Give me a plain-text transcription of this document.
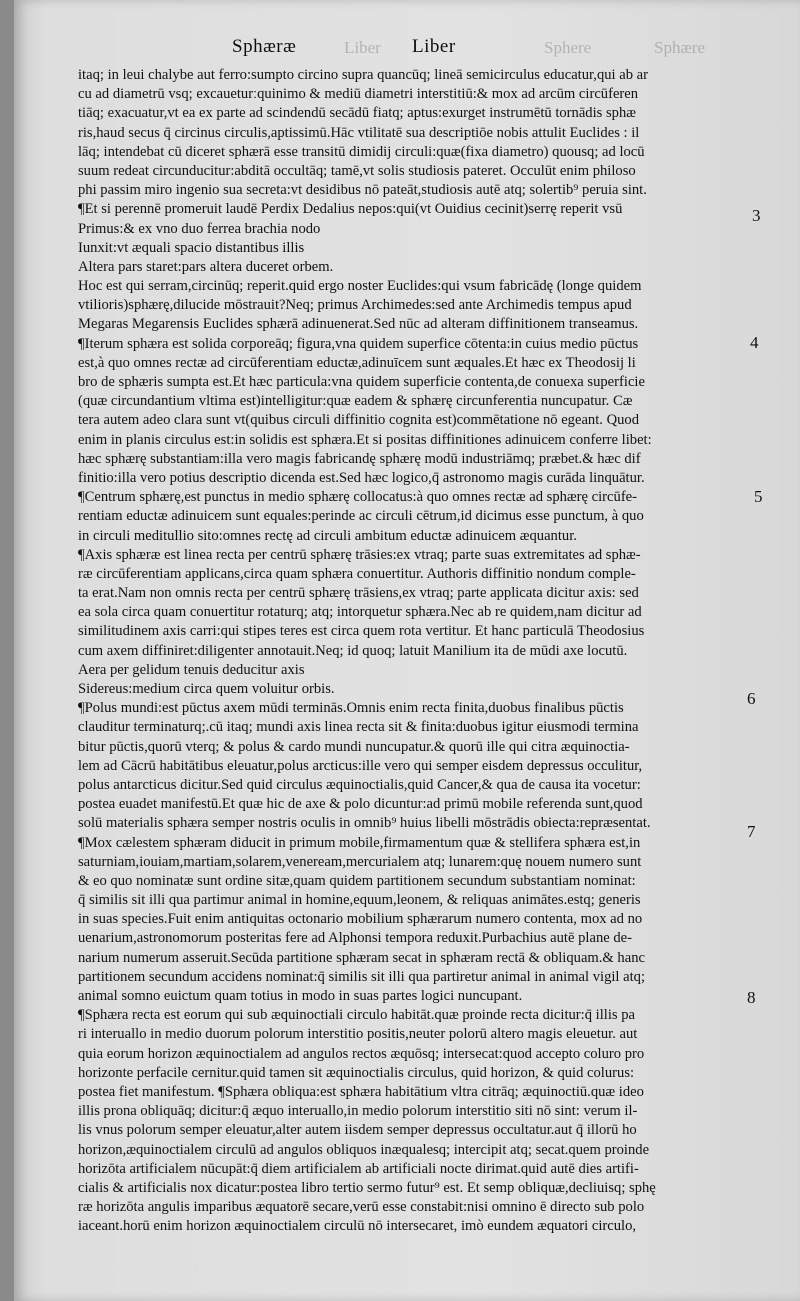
Sphæræ	Liber
Liber	Sphere	Sphære
itaq; in leui chalybe aut ferro:sumpto circino supra quancūq; lineā semicirculus educatur,qui ab ar
cu ad diametrū vsq; excaueturːquinimo & mediū diametri interstitiū:& mox ad arcūm circūferen
tiāq; exacuatur,vt ea ex parte ad scindendū secādū fiatq; aptus:exurget instrumētū tornādis sphæ
ris,haud secus q̄ circinus circulis,aptissimū.Hāc vtilitatē sua descriptiōe nobis attulit Euclides : il
lāq; intendebat cū diceret sphærā esse transitū dimidij circuli:quæ(fixa diametro) quousq; ad locū
suum redeat circunducitur:abditā occultāq; tamē,vt solis studiosis pateret. Occulūt enim philoso
phi passim miro ingenio sua secreta:vt desidibus nō pateāt,studiosis autē atq; solertib⁹ peruia sint.
¶Et si perennē promeruit laudē Perdix Dedalius nepos:qui(vt Ouidius cecinit)serrę reperit vsū
Primus:& ex vno duo ferrea brachia nodo
Iunxit:vt æquali spacio distantibus illis
Altera pars staret:pars altera duceret orbem.
Hoc est qui serram,circinūq; reperit.quid ergo noster Euclides:qui vsum fabricādę (longe quidem
vtilioris)sphærę,dilucide mōstrauit?Neq; primus Archimedes:sed ante Archimedis tempus apud
Megaras Megarensis Euclides sphærā adinuenerat.Sed nūc ad alteram diffinitionem transeamus.
¶Iterum sphæra est solida corporeāq; figura,vna quidem superfice cōtenta:in cuius medio pūctus
est,à quo omnes rectæ ad circūferentiam eductæ,adinuīcem sunt æquales.Et hæc ex Theodosij li
bro de sphæris sumpta est.Et hæc particula:vna quidem superficie contenta,de conuexa superficie
(quæ circundantium vltima est)intelligitur:quæ eadem & sphærę circunferentia nuncupatur. Cæ
tera autem adeo clara sunt vt(quibus circuli diffinitio cognita est)commētatione nō egeant. Quod
enim in planis circulus est:in solidis est sphæra.Et si positas diffinitiones adinuicem conferre libet:
hæc sphærę substantiam:illa vero magis fabricandę sphærę modū industriāmq; præbet.& hæc dif
finitio:illa vero potius descriptio dicenda est.Sed hæc logico,q̄ astronomo magis curāda linquātur.
¶Centrum sphærę,est punctus in medio sphærę collocatus:à quo omnes rectæ ad sphærę circūfe-
rentiam eductæ adinuicem sunt equales:perinde ac circuli cētrum,id dicimus esse punctum, à quo
in circuli meditullio sito:omnes rectę ad circuli ambitum eductæ adinuicem æquantur.
¶Axis sphæræ est linea recta per centrū sphærę trāsies:ex vtraq; parte suas extremitates ad sphæ-
ræ circūferentiam applicans,circa quam sphæra conuertitur. Authoris diffinitio nondum comple-
ta erat.Nam non omnis recta per centrū sphærę trāsiens,ex vtraq; parte applicata dicitur axis: sed
ea sola circa quam conuertitur rotaturq; atq; intorquetur sphæra.Nec ab re quidem,nam dicitur ad
similitudinem axis carri:qui stipes teres est circa quem rota vertitur. Et hanc particulā Theodosius
cum axem diffiniret:diligenter annotauit.Neq; id quoq; latuit Manilium ita de mūdi axe locutū.
Aera per gelidum tenuis deducitur axis
Sidereus:medium circa quem voluitur orbis.
¶Polus mundi:est pūctus axem mūdi terminās.Omnis enim recta finita,duobus finalibus pūctis
clauditur terminaturq;.cū itaq; mundi axis linea recta sit & finita:duobus igitur eiusmodi termina
bitur pūctis,quorū vterq; & polus & cardo mundi nuncupatur.& quorū ille qui citra æquinoctia-
lem ad Cācrū habitātibus eleuatur,polus arcticus:ille vero qui semper eisdem depressus occulitur,
polus antarcticus dicitur.Sed quid circulus æquinoctialis,quid Cancer,& qua de causa ita vocetur:
postea euadet manifestū.Et quæ hic de axe & polo dicuntur:ad primū mobile referenda sunt,quod
solū materialis sphæra semper nostris oculis in omnib⁹ huius libelli mōstrādis obiecta:repræsentat.
¶Mox cælestem sphæram diducit in primum mobile,firmamentum quæ & stellifera sphæra est,in
saturniam,iouiam,martiam,solarem,veneream,mercurialem atq; lunarem:quę nouem numero sunt
& eo quo nominatæ sunt ordine sitæ,quam quidem partitionem secundum substantiam nominat:
q̄ similis sit illi qua partimur animal in homine,equum,leonem, & reliquas animātes.estq; generis
in suas species.Fuit enim antiquitas octonario mobilium sphærarum numero contenta, mox ad no
uenarium,astronomorum posteritas fere ad Alphonsi tempora reduxit.Purbachius autē plane de-
narium numerum asseruit.Secūda partitione sphæram secat in sphæram rectā & obliquam.& hanc
partitionem secundum accidens nominat:q̄ similis sit illi qua partiretur animal in animal vigil atq;
animal somno euictum quam totius in modo in suas partes logici nuncupant.
¶Sphæra recta est eorum qui sub æquinoctiali circulo habitāt.quæ proinde recta dicitur:q̄ illis pa
ri interuallo in medio duorum polorum interstitio positis,neuter polorū altero magis eleuetur. aut
quia eorum horizon æquinoctialem ad angulos rectos æquōsq; intersecat:quod accepto coluro pro
horizonte perfacile cernitur.quid tamen sit æquinoctialis circulus, quid horizon, & quid colurus:
postea fiet manifestum. ¶Sphæra obliqua:est sphæra habitātium vltra citrāq; æquinoctiū.quæ ideo
illis prona obliquāq; dicitur:q̄ æquo interuallo,in medio polorum interstitio siti nō sint: verum il-
lis vnus polorum semper eleuatur,alter autem iisdem semper depressus occultatur.aut q̄ illorū ho
horizon,æquinoctialem circulū ad angulos obliquos inæqualesq; intercipit atq; secat.quem proinde
horizōta artificialem nūcupāt:q̄ diem artificialem ab artificiali nocte dirimat.quid autē dies artifi-
cialis & artificialis nox dicatur:postea libro tertio sermo futur⁹ est. Et semp obliquæ,decliuisq; sphę
ræ horizōta angulis imparibus æquatorē secare,verū esse constabit:nisi omnino ē directo sub polo
iaceant.horū enim horizon æquinoctialem circulū nō intersecaret, imò eundem æquatori circulo,
3
4
5
6
7
8
